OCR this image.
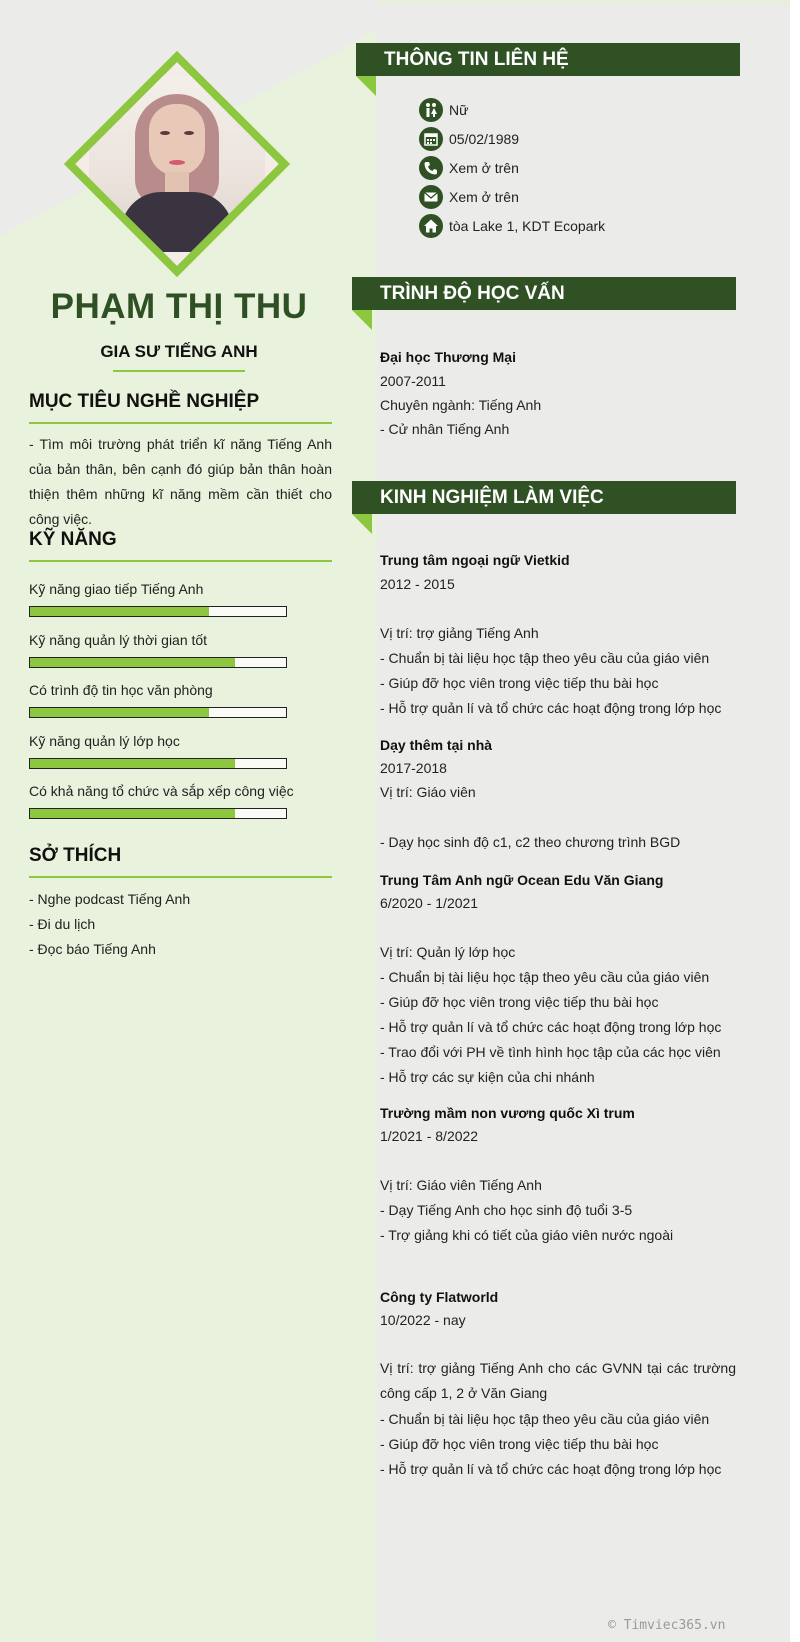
PHẠM THỊ THU
GIA SƯ TIẾNG ANH
MỤC TIÊU NGHỀ NGHIỆP
- Tìm môi trường phát triển kĩ năng Tiếng Anh của bản thân, bên cạnh đó giúp bản thân hoàn thiện thêm những kĩ năng mềm cần thiết cho công việc.
KỸ NĂNG
Kỹ năng giao tiếp Tiếng Anh
Kỹ năng quản lý thời gian tốt
Có trình độ tin học văn phòng
Kỹ năng quản lý lớp học
Có khả năng tổ chức và sắp xếp công việc
SỞ THÍCH
- Nghe podcast Tiếng Anh
- Đi du lịch
- Đọc báo Tiếng Anh
THÔNG TIN LIÊN HỆ
Nữ
05/02/1989
Xem ở trên
Xem ở trên
tòa Lake 1, KDT Ecopark
TRÌNH ĐỘ HỌC VẤN
Đại học Thương Mại
2007-2011
Chuyên ngành: Tiếng Anh
- Cử nhân Tiếng Anh
KINH NGHIỆM LÀM VIỆC
Trung tâm ngoại ngữ Vietkid
2012 - 2015
Vị trí: trợ giảng Tiếng Anh
- Chuẩn bị tài liệu học tập theo yêu cầu của giáo viên
- Giúp đỡ học viên trong việc tiếp thu bài học
- Hỗ trợ quản lí và tổ chức các hoạt động trong lớp học
Dạy thêm tại nhà
2017-2018
Vị trí: Giáo viên
- Dạy học sinh độ c1, c2 theo chương trình BGD
Trung Tâm Anh ngữ Ocean Edu Văn Giang
6/2020 - 1/2021
Vị trí: Quản lý lớp học
- Chuẩn bị tài liệu học tập theo yêu cầu của giáo viên
- Giúp đỡ học viên trong việc tiếp thu bài học
- Hỗ trợ quản lí và tổ chức các hoạt động trong lớp học
- Trao đổi với PH về tình hình học tập của các học viên
- Hỗ trợ các sự kiện của chi nhánh
Trường mầm non vương quốc Xì trum
1/2021 - 8/2022
Vị trí: Giáo viên Tiếng Anh
- Dạy Tiếng Anh cho học sinh độ tuổi 3-5
- Trợ giảng khi có tiết của giáo viên nước ngoài
Công ty Flatworld
10/2022 - nay
Vị trí: trợ giảng Tiếng Anh cho các GVNN tại các trường công cấp 1, 2 ở Văn Giang
- Chuẩn bị tài liệu học tập theo yêu cầu của giáo viên
- Giúp đỡ học viên trong việc tiếp thu bài học
- Hỗ trợ quản lí và tổ chức các hoạt động trong lớp học
© Timviec365.vn
